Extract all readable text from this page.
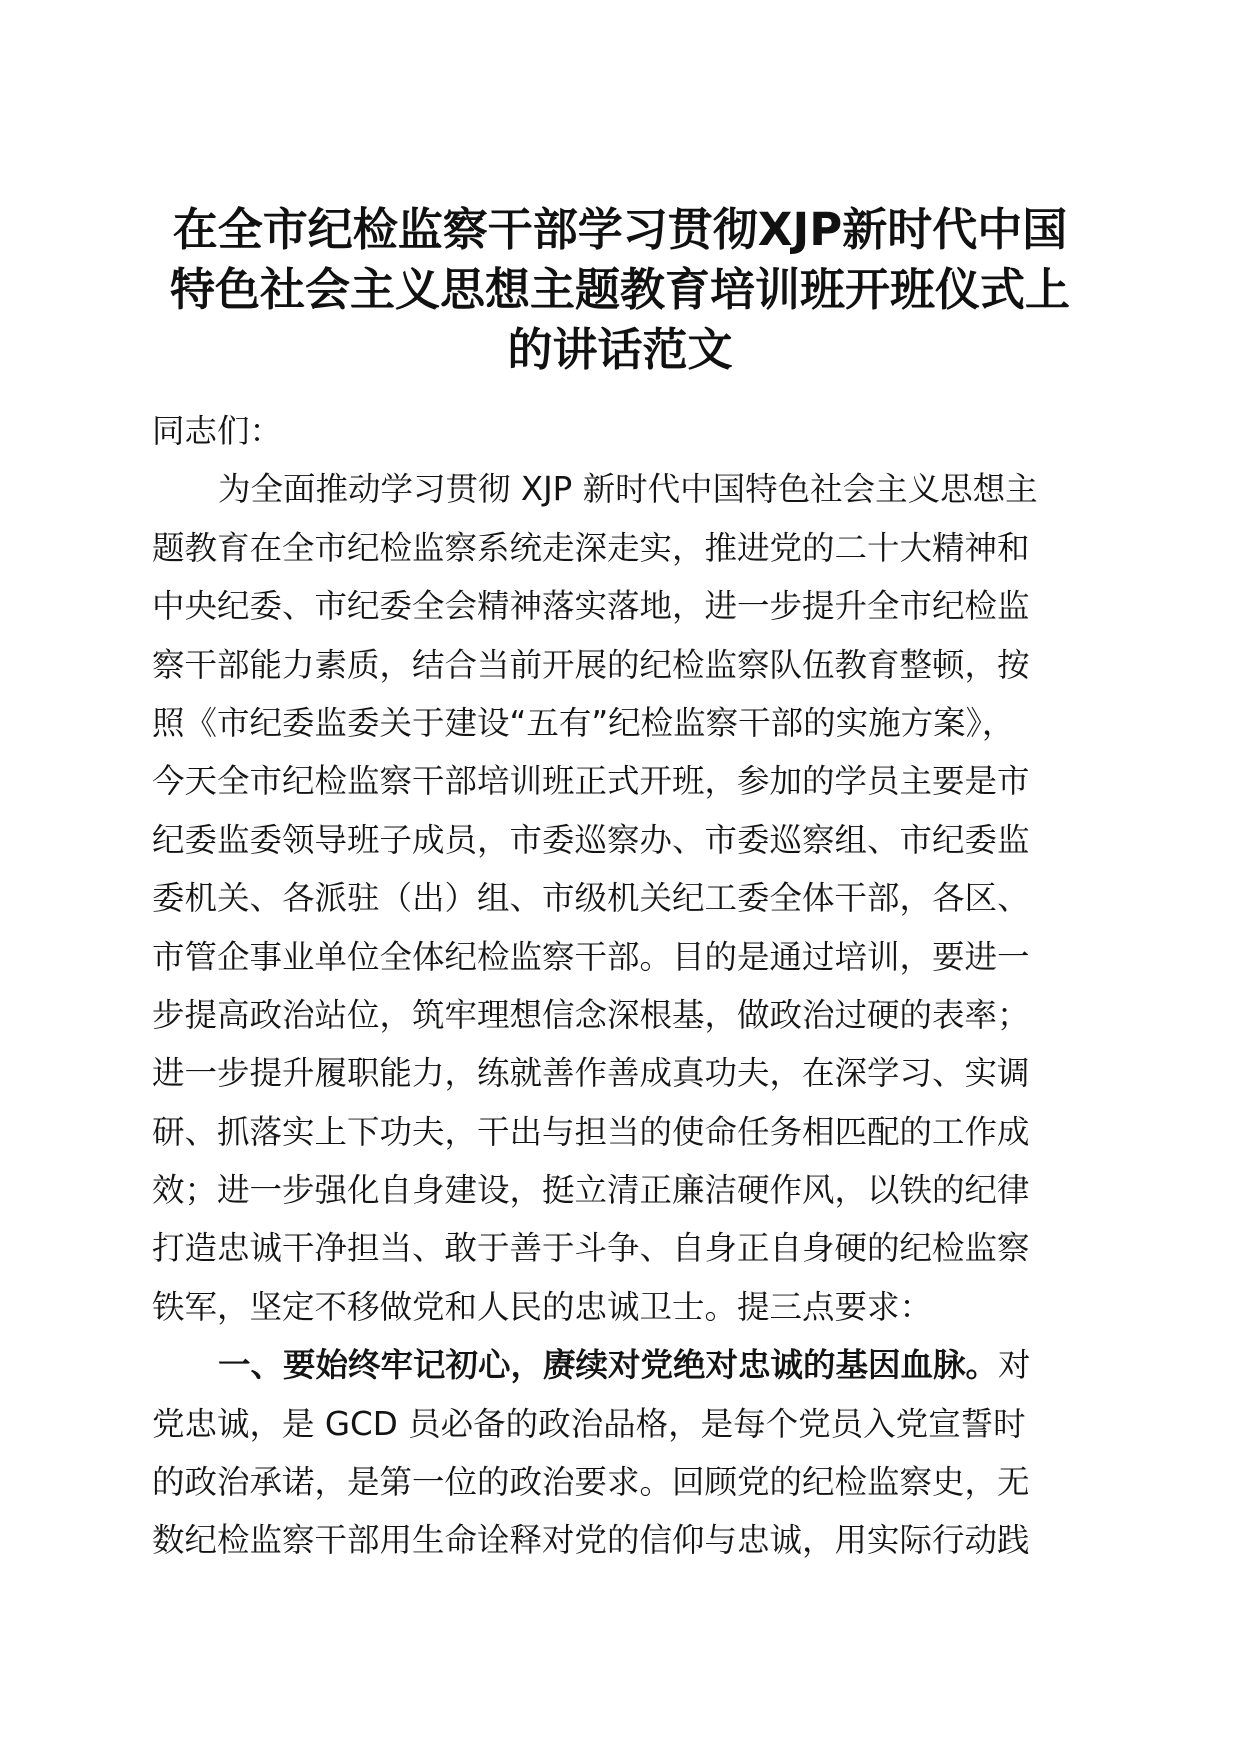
在全市纪检监察干部学习贯彻XJP新时代中国
特色社会主义思想主题教育培训班开班仪式上
的讲话范文
同志们：
为全面推动学习贯彻 XJP 新时代中国特色社会主义思想主
题教育在全市纪检监察系统走深走实，推进党的二十大精神和
中央纪委、市纪委全会精神落实落地，进一步提升全市纪检监
察干部能力素质，结合当前开展的纪检监察队伍教育整顿，按
照《市纪委监委关于建设“五有”纪检监察干部的实施方案》，
今天全市纪检监察干部培训班正式开班，参加的学员主要是市
纪委监委领导班子成员，市委巡察办、市委巡察组、市纪委监
委机关、各派驻（出）组、市级机关纪工委全体干部，各区、
市管企事业单位全体纪检监察干部。目的是通过培训，要进一
步提高政治站位，筑牢理想信念深根基，做政治过硬的表率；
进一步提升履职能力，练就善作善成真功夫，在深学习、实调
研、抓落实上下功夫，干出与担当的使命任务相匹配的工作成
效；进一步强化自身建设，挺立清正廉洁硬作风，以铁的纪律
打造忠诚干净担当、敢于善于斗争、自身正自身硬的纪检监察
铁军，坚定不移做党和人民的忠诚卫士。提三点要求：
一、要始终牢记初心，赓续对党绝对忠诚的基因血脉。对
党忠诚，是 GCD 员必备的政治品格，是每个党员入党宣誓时
的政治承诺，是第一位的政治要求。回顾党的纪检监察史，无
数纪检监察干部用生命诠释对党的信仰与忠诚，用实际行动践
